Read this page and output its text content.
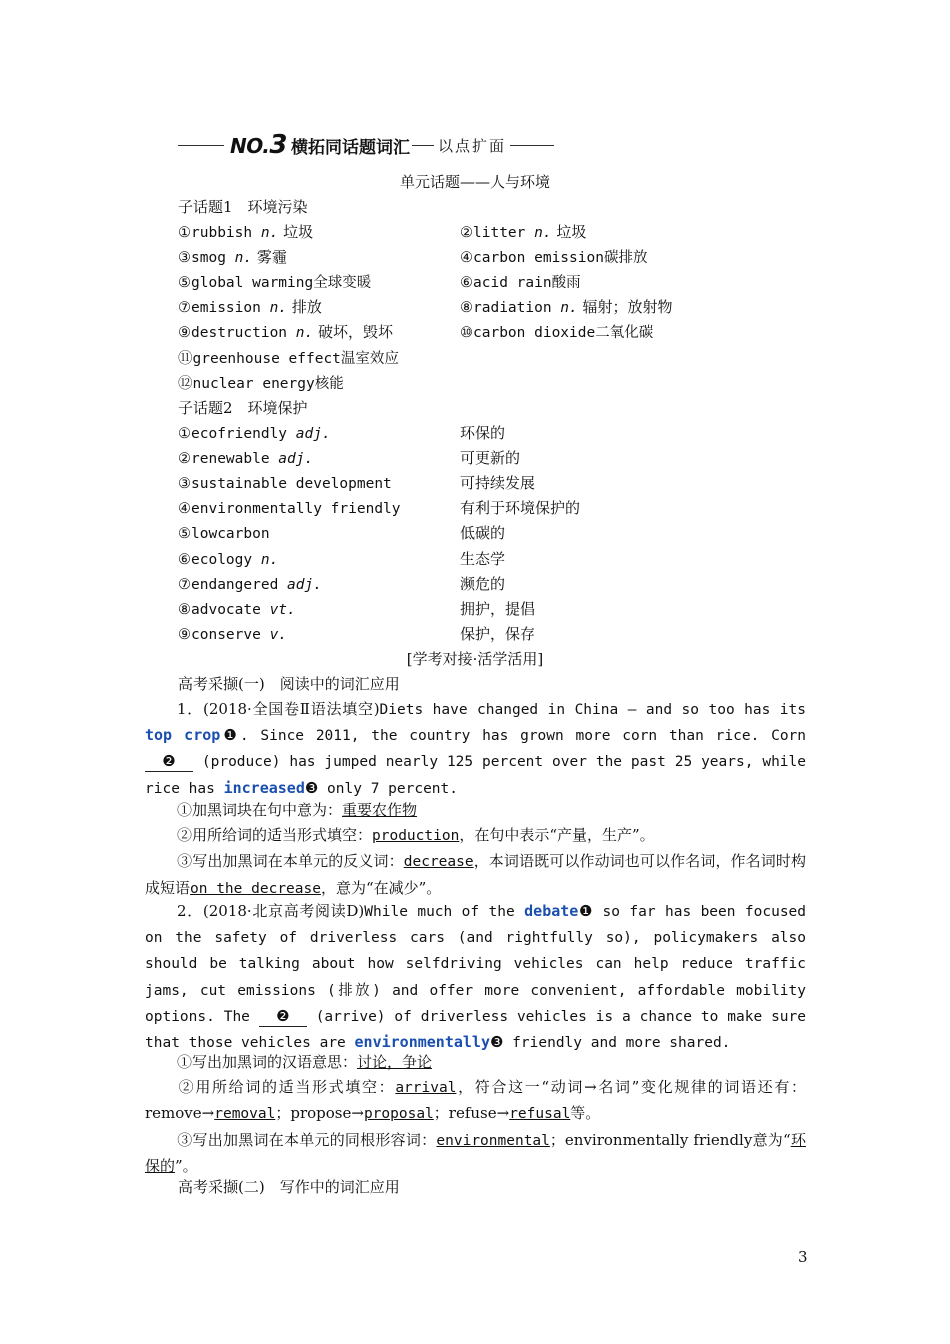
NO.3 横拓同话题词汇 以点扩面
单元话题——人与环境
子话题1　环境污染
①rubbish n. 垃圾	②litter n. 垃圾
③smog n. 雾霾	④carbon emission碳排放
⑤global warming全球变暖	⑥acid rain酸雨
⑦emission n. 排放	⑧radiation n. 辐射；放射物
⑨destruction n. 破坏，毁坏	⑩carbon dioxide二氧化碳
⑪greenhouse effect温室效应
⑫nuclear energy核能
子话题2　环境保护
①ecofriendly adj.	环保的
②renewable adj.	可更新的
③sustainable development	可持续发展
④environmentally friendly	有利于环境保护的
⑤lowcarbon	低碳的
⑥ecology n.	生态学
⑦endangered adj.	濒危的
⑧advocate vt.	拥护，提倡
⑨conserve v.	保护，保存
[学考对接·活学活用]
高考采撷(一)　阅读中的词汇应用
1．(2018·全国卷Ⅱ语法填空)Diets have changed in China — and so too has its top crop❶. Since 2011, the country has grown more corn than rice. Corn ❷ (produce) has jumped nearly 125 percent over the past 25 years, while rice has increased❸ only 7 percent.
①加黑词块在句中意为：重要农作物
②用所给词的适当形式填空：production，在句中表示“产量，生产”。
③写出加黑词在本单元的反义词：decrease，本词语既可以作动词也可以作名词，作名词时构成短语on the decrease，意为“在减少”。
2．(2018·北京高考阅读D)While much of the debate❶ so far has been focused on the safety of driverless cars (and rightfully so), policymakers also should be talking about how selfdriving vehicles can help reduce traffic jams, cut emissions (排放) and offer more convenient, affordable mobility options. The ❷ (arrive) of driverless vehicles is a chance to make sure that those vehicles are environmentally❸ friendly and more shared.
①写出加黑词的汉语意思：讨论，争论
②用所给词的适当形式填空：arrival，符合这一“动词→名词”变化规律的词语还有：remove→removal；propose→proposal；refuse→refusal等。
③写出加黑词在本单元的同根形容词：environmental；environmentally friendly意为“环保的”。
高考采撷(二)　写作中的词汇应用
3
